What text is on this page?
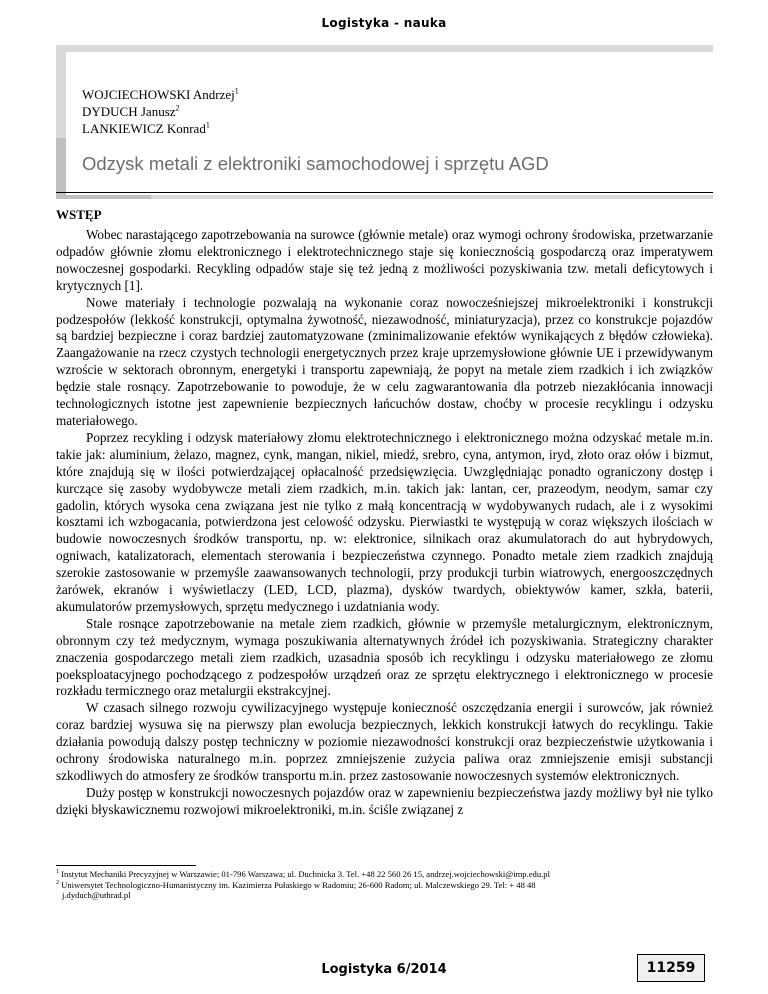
Logistyka - nauka
WOJCIECHOWSKI Andrzej$^1$
DYDUCH Janusz$^2$
LANKIEWICZ Konrad$^1$
Odzysk metali z elektroniki samochodowej i sprzętu AGD
WSTĘP

Wobec narastającego zapotrzebowania na surowce (głównie metale) oraz wymogi ochrony środowiska, przetwarzanie odpadów głównie złomu elektronicznego i elektrotechnicznego staje się koniecznością gospodarczą oraz imperatywem nowoczesnej gospodarki. Recykling odpadów staje się też jedną z możliwości pozyskiwania tzw. metali deficytowych i krytycznych [1].

Nowe materiały i technologie pozwalają na wykonanie coraz nowocześniejszej mikroelektroniki i konstrukcji podzespołów (lekkość konstrukcji, optymalna żywotność, niezawodność, miniaturyzacja), przez co konstrukcje pojazdów są bardziej bezpieczne i coraz bardziej zautomatyzowane (zminimalizowanie efektów wynikających z błędów człowieka). Zaangażowanie na rzecz czystych technologii energetycznych przez kraje uprzemysłowione głównie UE i przewidywanym wzroście w sektorach obronnym, energetyki i transportu zapewniają, że popyt na metale ziem rzadkich i ich związków będzie stale rosnący. Zapotrzebowanie to powoduje, że w celu zagwarantowania dla potrzeb niezakłócania innowacji technologicznych istotne jest zapewnienie bezpiecznych łańcuchów dostaw, choćby w procesie recyklingu i odzysku materiałowego.

Poprzez recykling i odzysk materiałowy złomu elektrotechnicznego i elektronicznego można odzyskać metale m.in. takie jak: aluminium, żelazo, magnez, cynk, mangan, nikiel, miedź, srebro, cyna, antymon, iryd, złoto oraz ołów i bizmut, które znajdują się w ilości potwierdzającej opłacalność przedsięwzięcia. Uwzględniając ponadto ograniczony dostęp i kurczące się zasoby wydobywcze metali ziem rzadkich, m.in. takich jak: lantan, cer, prazeodym, neodym, samar czy gadolin, których wysoka cena związana jest nie tylko z małą koncentracją w wydobywanych rudach, ale i z wysokimi kosztami ich wzbogacania, potwierdzona jest celowość odzysku. Pierwiastki te występują w coraz większych ilościach w budowie nowoczesnych środków transportu, np. w: elektronice, silnikach oraz akumulatorach do aut hybrydowych, ogniwach, katalizatorach, elementach sterowania i bezpieczeństwa czynnego. Ponadto metale ziem rzadkich znajdują szerokie zastosowanie w przemyśle zaawansowanych technologii, przy produkcji turbin wiatrowych, energooszczędnych żarówek, ekranów i wyświetlaczy (LED, LCD, plazma), dysków twardych, obiektywów kamer, szkła, baterii, akumulatorów przemysłowych, sprzętu medycznego i uzdatniania wody.

Stale rosnące zapotrzebowanie na metale ziem rzadkich, głównie w przemyśle metalurgicznym, elektronicznym, obronnym czy też medycznym, wymaga poszukiwania alternatywnych źródeł ich pozyskiwania. Strategiczny charakter znaczenia gospodarczego metali ziem rzadkich, uzasadnia sposób ich recyklingu i odzysku materiałowego ze złomu poeksploatacyjnego pochodzącego z podzespołów urządzeń oraz ze sprzętu elektrycznego i elektronicznego w procesie rozkładu termicznego oraz metalurgii ekstrakcyjnej.

W czasach silnego rozwoju cywilizacyjnego występuje konieczność oszczędzania energii i surowców, jak również coraz bardziej wysuwa się na pierwszy plan ewolucja bezpiecznych, lekkich konstrukcji łatwych do recyklingu. Takie działania powodują dalszy postęp techniczny w poziomie niezawodności konstrukcji oraz bezpieczeństwie użytkowania i ochrony środowiska naturalnego m.in. poprzez zmniejszenie zużycia paliwa oraz zmniejszenie emisji substancji szkodliwych do atmosfery ze środków transportu m.in. przez zastosowanie nowoczesnych systemów elektronicznych.

Duży postęp w konstrukcji nowoczesnych pojazdów oraz w zapewnieniu bezpieczeństwa jazdy możliwy był nie tylko dzięki błyskawicznemu rozwojowi mikroelektroniki, m.in. ściśle związanej z

$^1$ Instytut Mechaniki Precyzyjnej w Warszawie; 01-796 Warszawa; ul. Duchnicka 3. Tel. +48 22 560 26 15, andrzej.wojciechowski@imp.edu.pl
$^2$ Uniwersytet Technologiczno-Humanistyczny im. Kazimierza Pułaskiego w Radomiu; 26-600 Radom; ul. Malczewskiego 29. Tel: + 48 48
j.dyduch@uthrad.pl
Logistyka 6/2014	11259
